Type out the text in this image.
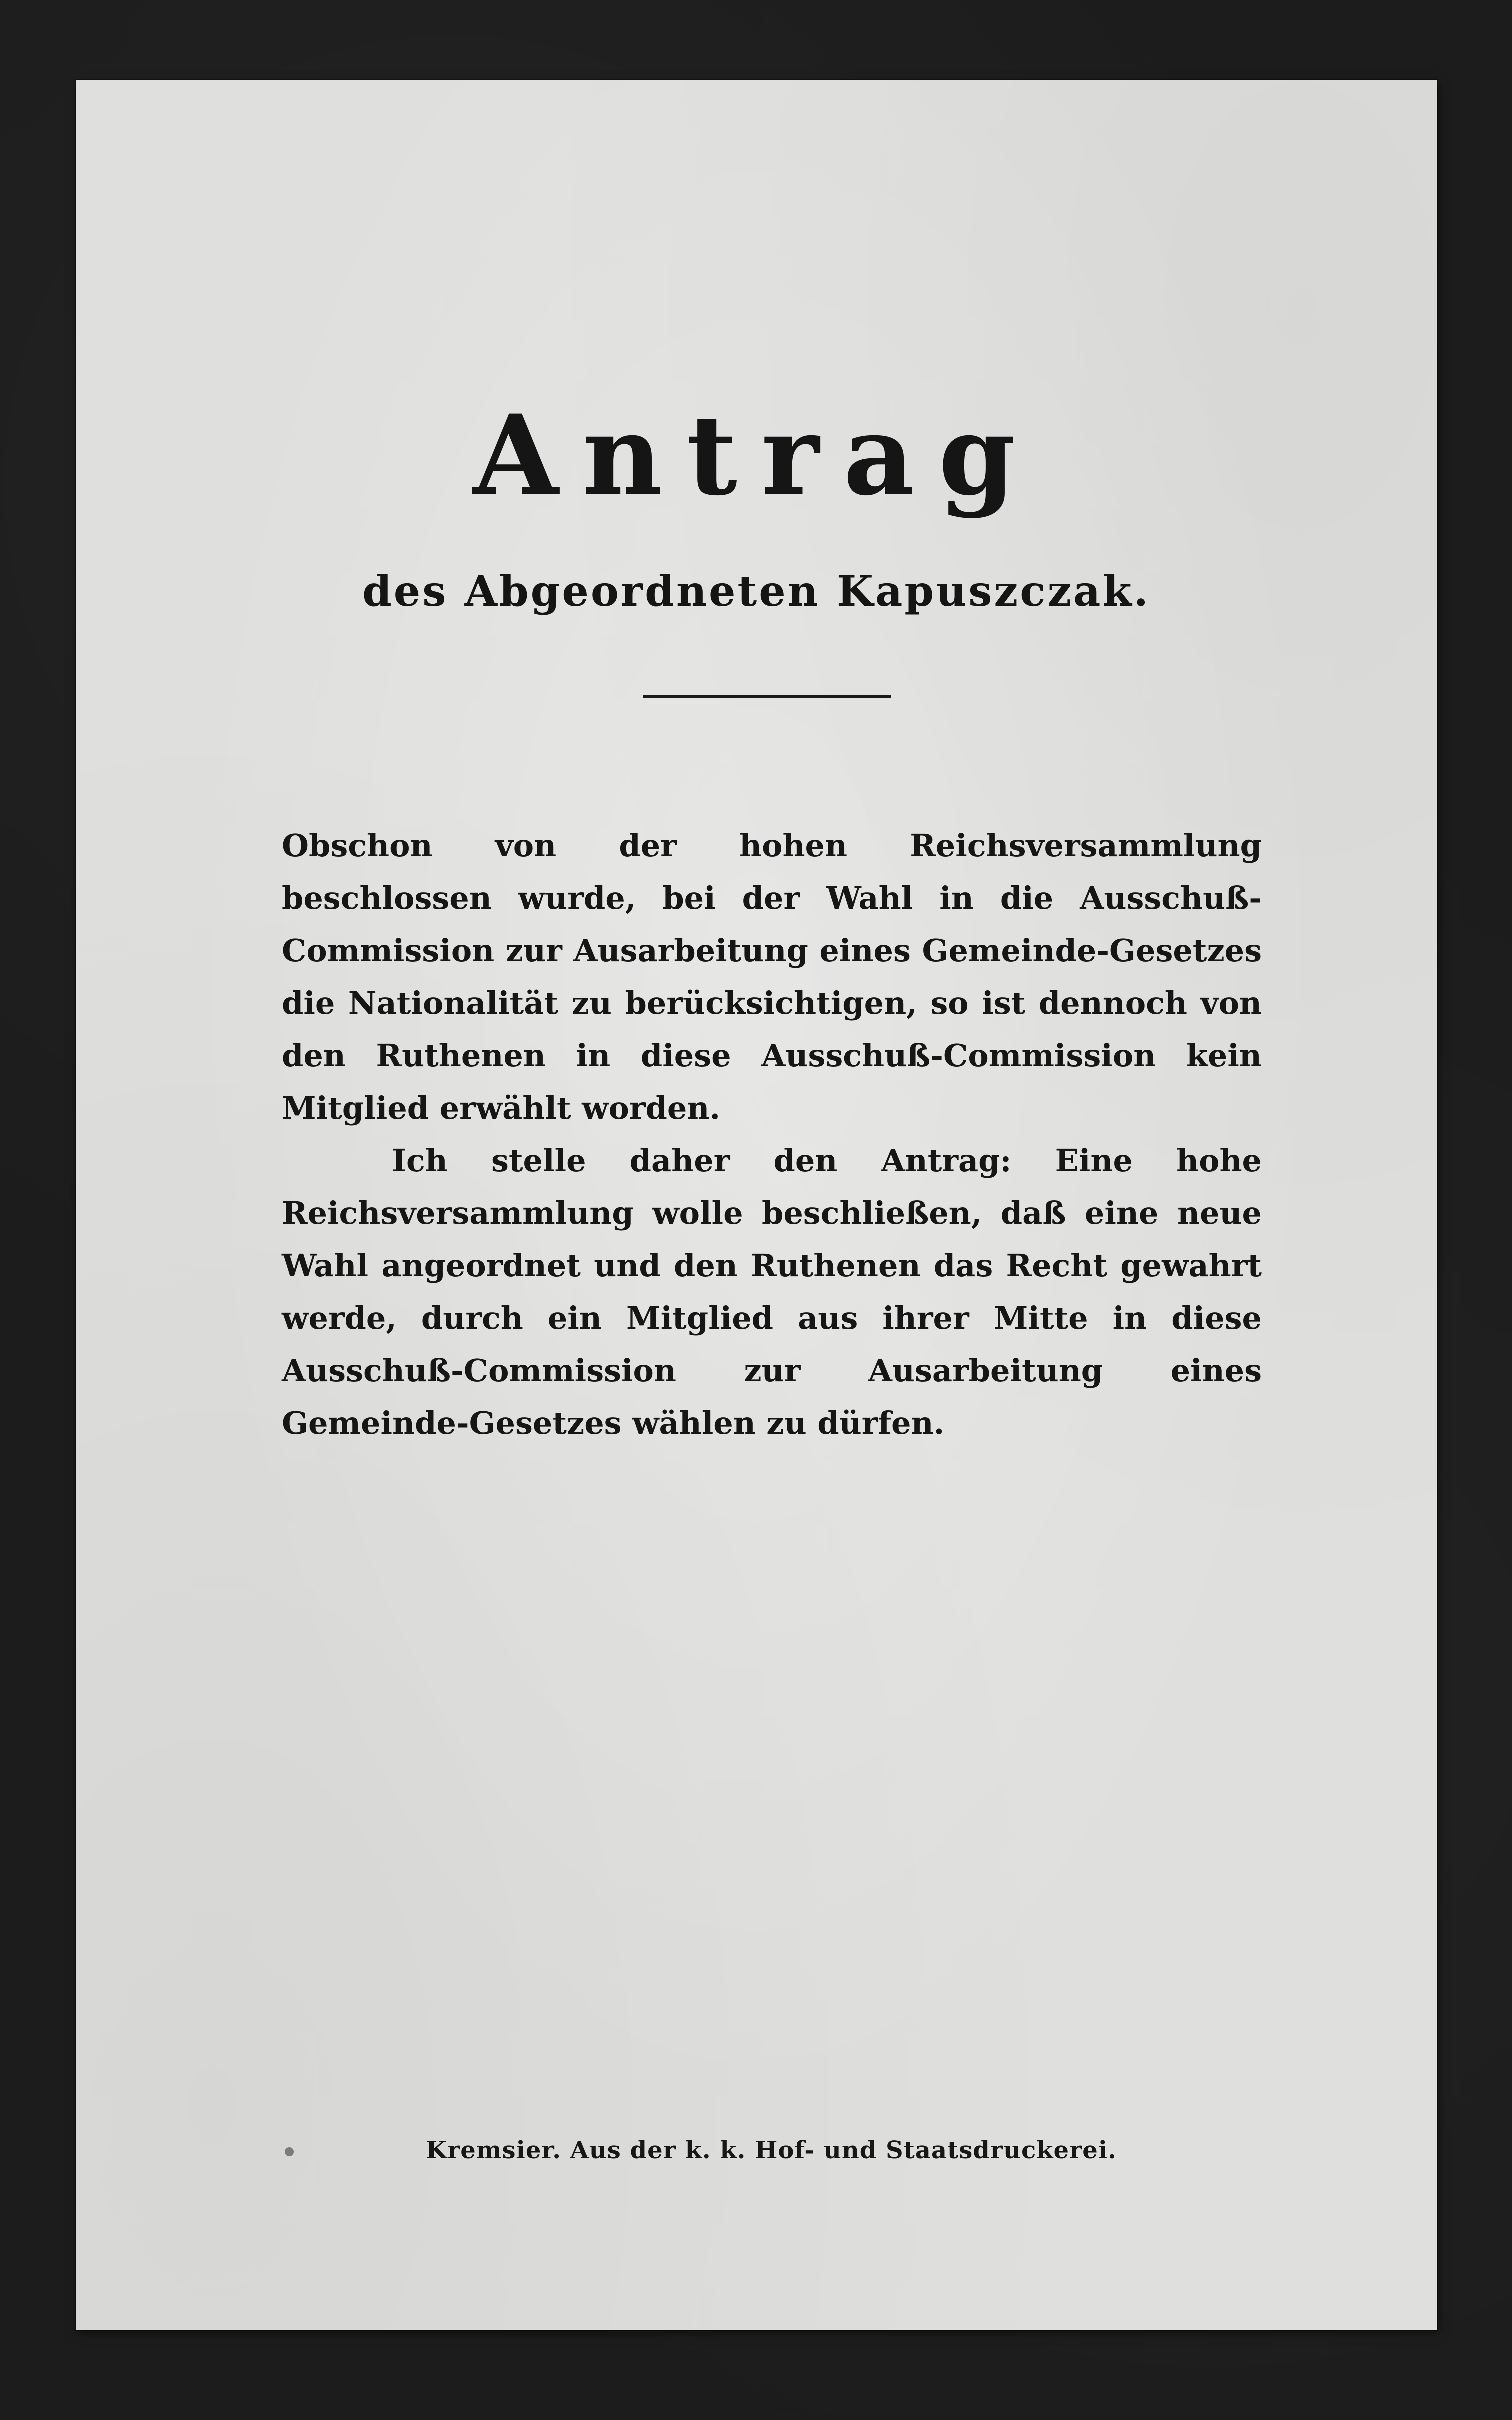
Antrag
des Abgeordneten Kapuszczak.

Obschon von der hohen Reichsversammlung beschlossen wurde, bei der Wahl in die Ausschuß-Commission zur Ausarbeitung eines Gemeinde-Gesetzes die Nationalität zu berücksichtigen, so ist dennoch von den Ruthenen in diese Ausschuß-Commission kein Mitglied erwählt worden.

Ich stelle daher den Antrag: Eine hohe Reichsversammlung wolle beschließen, daß eine neue Wahl angeordnet und den Ruthenen das Recht gewahrt werde, durch ein Mitglied aus ihrer Mitte in diese Ausschuß-Commission zur Ausarbeitung eines Gemeinde-Gesetzes wählen zu dürfen.

Kremsier. Aus der k. k. Hof- und Staatsdruckerei.
